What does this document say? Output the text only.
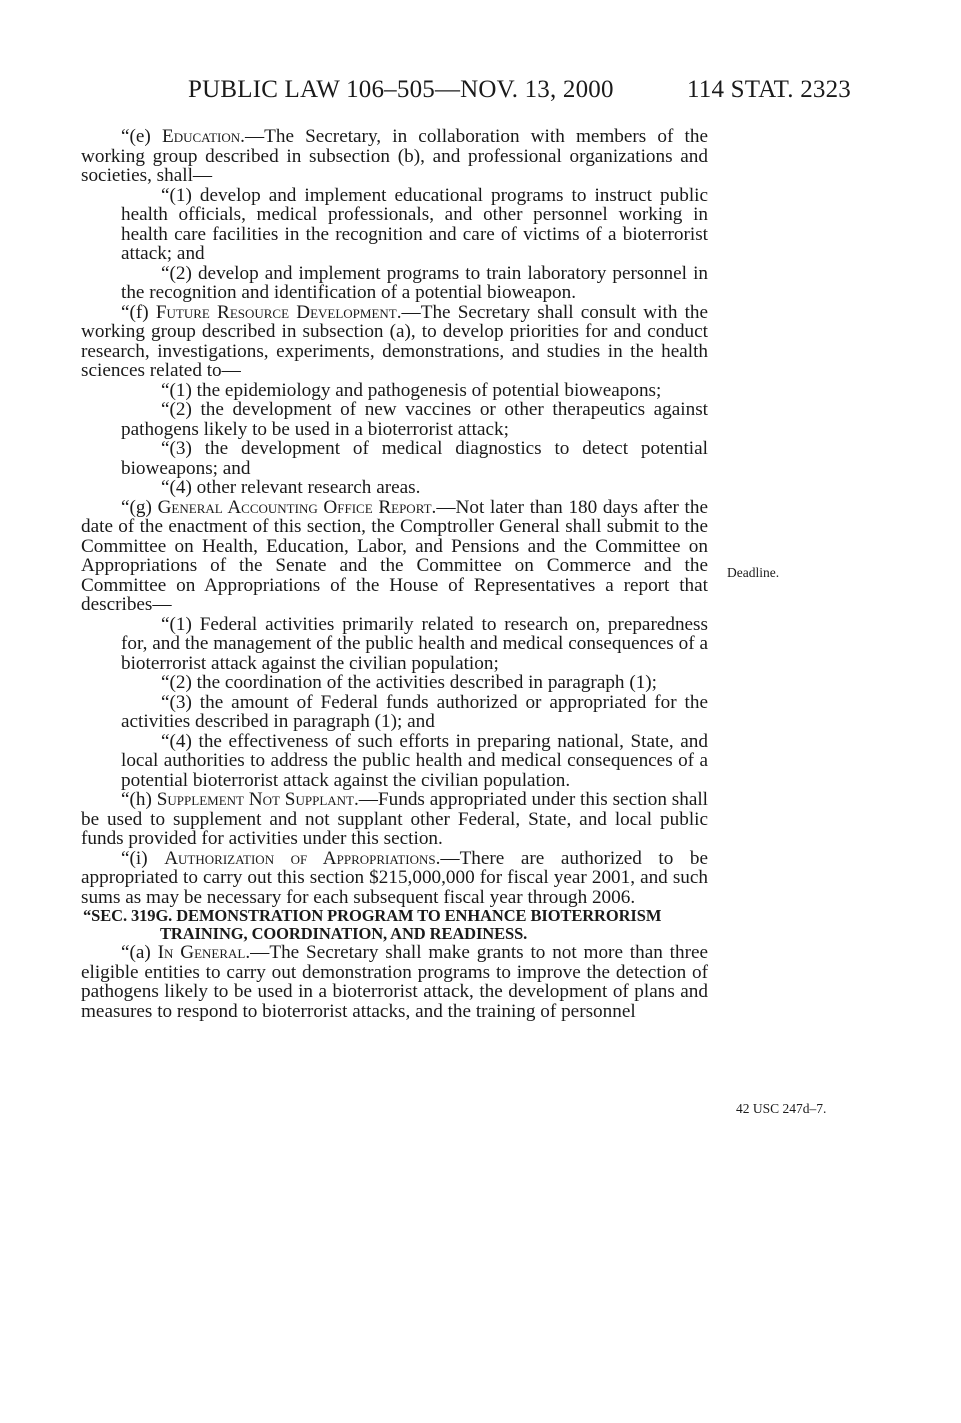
PUBLIC LAW 106–505—NOV. 13, 2000	114 STAT. 2323

“(e) Education.—The Secretary, in collaboration with members of the working group described in subsection (b), and professional organizations and societies, shall—

“(1) develop and implement educational programs to instruct public health officials, medical professionals, and other personnel working in health care facilities in the recognition and care of victims of a bioterrorist attack; and

“(2) develop and implement programs to train laboratory personnel in the recognition and identification of a potential bioweapon.

“(f) Future Resource Development.—The Secretary shall consult with the working group described in subsection (a), to develop priorities for and conduct research, investigations, experiments, demonstrations, and studies in the health sciences related to—

“(1) the epidemiology and pathogenesis of potential bioweapons;

“(2) the development of new vaccines or other therapeutics against pathogens likely to be used in a bioterrorist attack;

“(3) the development of medical diagnostics to detect potential bioweapons; and

“(4) other relevant research areas.

“(g) General Accounting Office Report.—Not later than 180 days after the date of the enactment of this section, the Comptroller General shall submit to the Committee on Health, Education, Labor, and Pensions and the Committee on Appropriations of the Senate and the Committee on Commerce and the Committee on Appropriations of the House of Representatives a report that describes—

“(1) Federal activities primarily related to research on, preparedness for, and the management of the public health and medical consequences of a bioterrorist attack against the civilian population;

“(2) the coordination of the activities described in paragraph (1);

“(3) the amount of Federal funds authorized or appropriated for the activities described in paragraph (1); and

“(4) the effectiveness of such efforts in preparing national, State, and local authorities to address the public health and medical consequences of a potential bioterrorist attack against the civilian population.

“(h) Supplement Not Supplant.—Funds appropriated under this section shall be used to supplement and not supplant other Federal, State, and local public funds provided for activities under this section.

“(i) Authorization of Appropriations.—There are authorized to be appropriated to carry out this section $215,000,000 for fiscal year 2001, and such sums as may be necessary for each subsequent fiscal year through 2006.

“SEC. 319G. DEMONSTRATION PROGRAM TO ENHANCE BIOTERRORISM
TRAINING, COORDINATION, AND READINESS.

“(a) In General.—The Secretary shall make grants to not more than three eligible entities to carry out demonstration programs to improve the detection of pathogens likely to be used in a bioterrorist attack, the development of plans and measures to respond to bioterrorist attacks, and the training of personnel

Deadline.
42 USC 247d–7.
